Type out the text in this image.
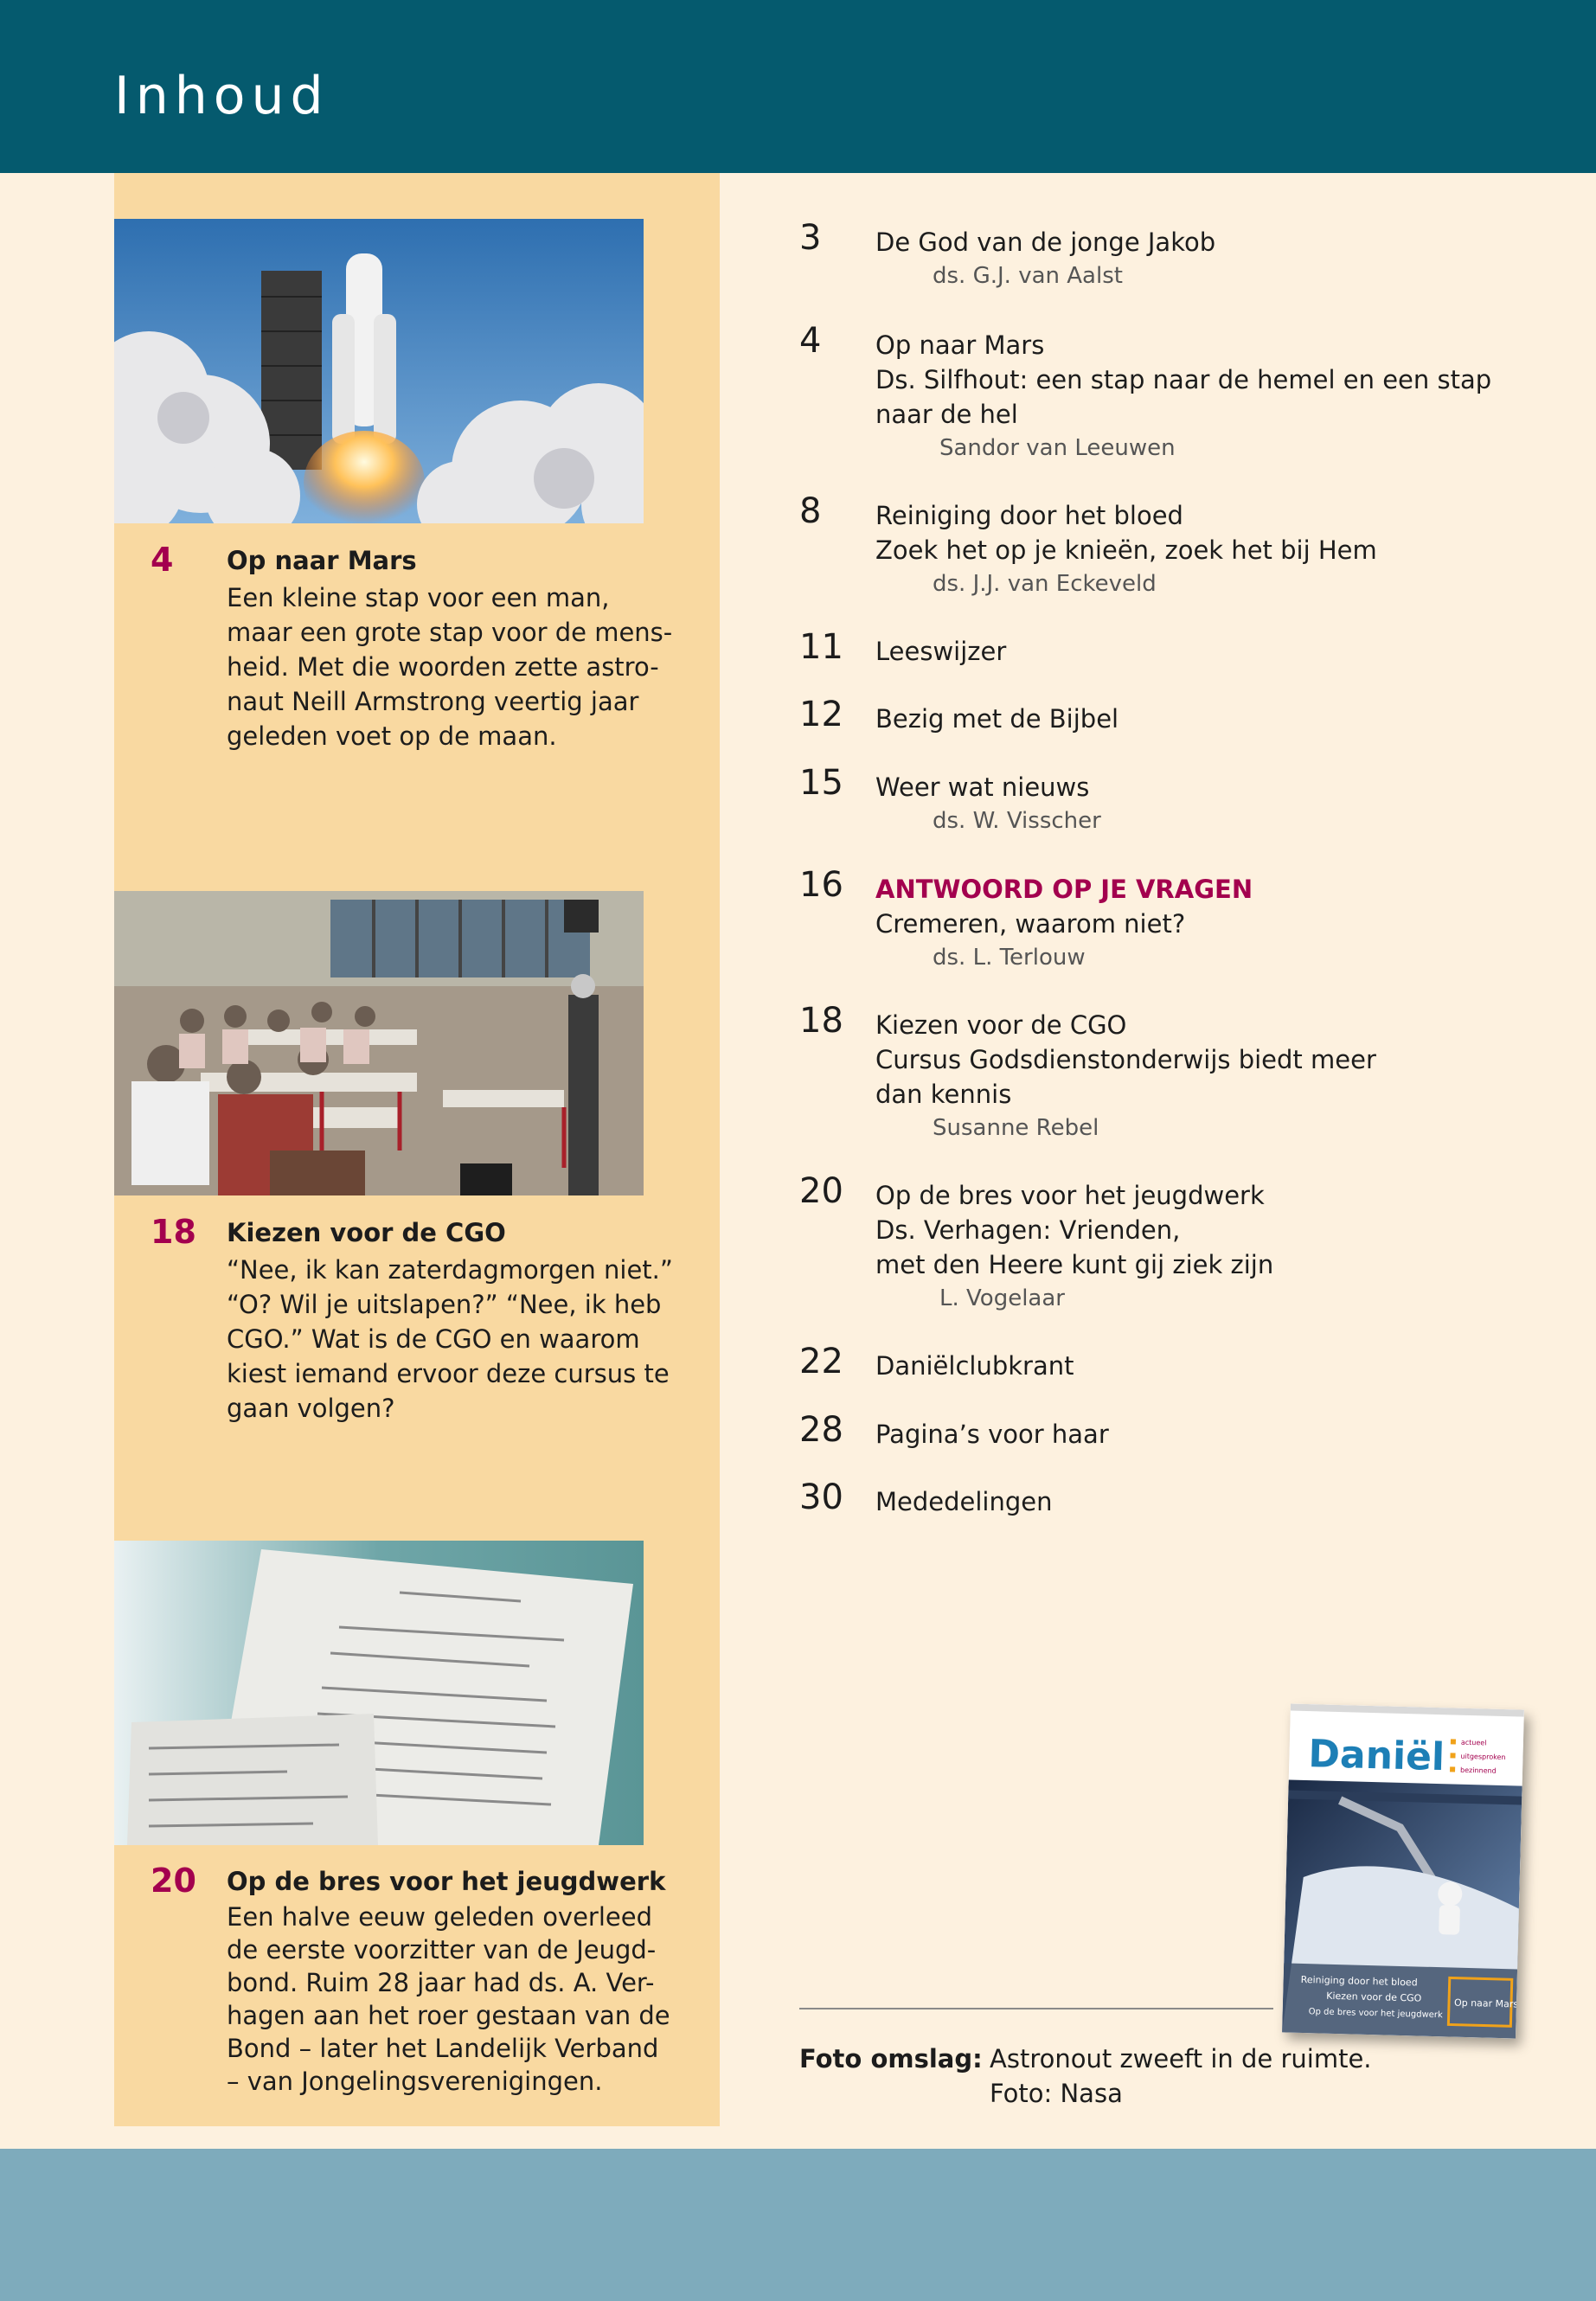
Inhoud
4 Op naar Mars
Een kleine stap voor een man,
maar een grote stap voor de mens-
heid. Met die woorden zette astro-
naut Neill Armstrong veertig jaar
geleden voet op de maan.
18 Kiezen voor de CGO
“Nee, ik kan zaterdagmorgen niet.”
“O? Wil je uitslapen?” “Nee, ik heb
CGO.” Wat is de CGO en waarom
kiest iemand ervoor deze cursus te
gaan volgen?
20 Op de bres voor het jeugdwerk
Een halve eeuw geleden overleed
de eerste voorzitter van de Jeugd-
bond. Ruim 28 jaar had ds. A. Ver-
hagen aan het roer gestaan van de
Bond – later het Landelijk Verband
– van Jongelingsverenigingen.
3 De God van de jonge Jakob
ds. G.J. van Aalst
4 Op naar Mars
Ds. Silfhout: een stap naar de hemel en een stap
naar de hel
Sandor van Leeuwen
8 Reiniging door het bloed
Zoek het op je knieën, zoek het bij Hem
ds. J.J. van Eckeveld
11 Leeswijzer
12 Bezig met de Bijbel
15 Weer wat nieuws
ds. W. Visscher
16 ANTWOORD OP JE VRAGEN
Cremeren, waarom niet?
ds. L. Terlouw
18 Kiezen voor de CGO
Cursus Godsdienstonderwijs biedt meer
dan kennis
Susanne Rebel
20 Op de bres voor het jeugdwerk
Ds. Verhagen: Vrienden,
met den Heere kunt gij ziek zijn
L. Vogelaar
22 Daniëlclubkrant
28 Pagina’s voor haar
30 Mededelingen
Daniël actueel
uitgesproken
bezinnend
Reiniging door het bloed
Kiezen voor de CGO
Op de bres voor het jeugdwerk
Op naar Mars
Foto omslag: Astronout zweeft in de ruimte.
Foto: Nasa
